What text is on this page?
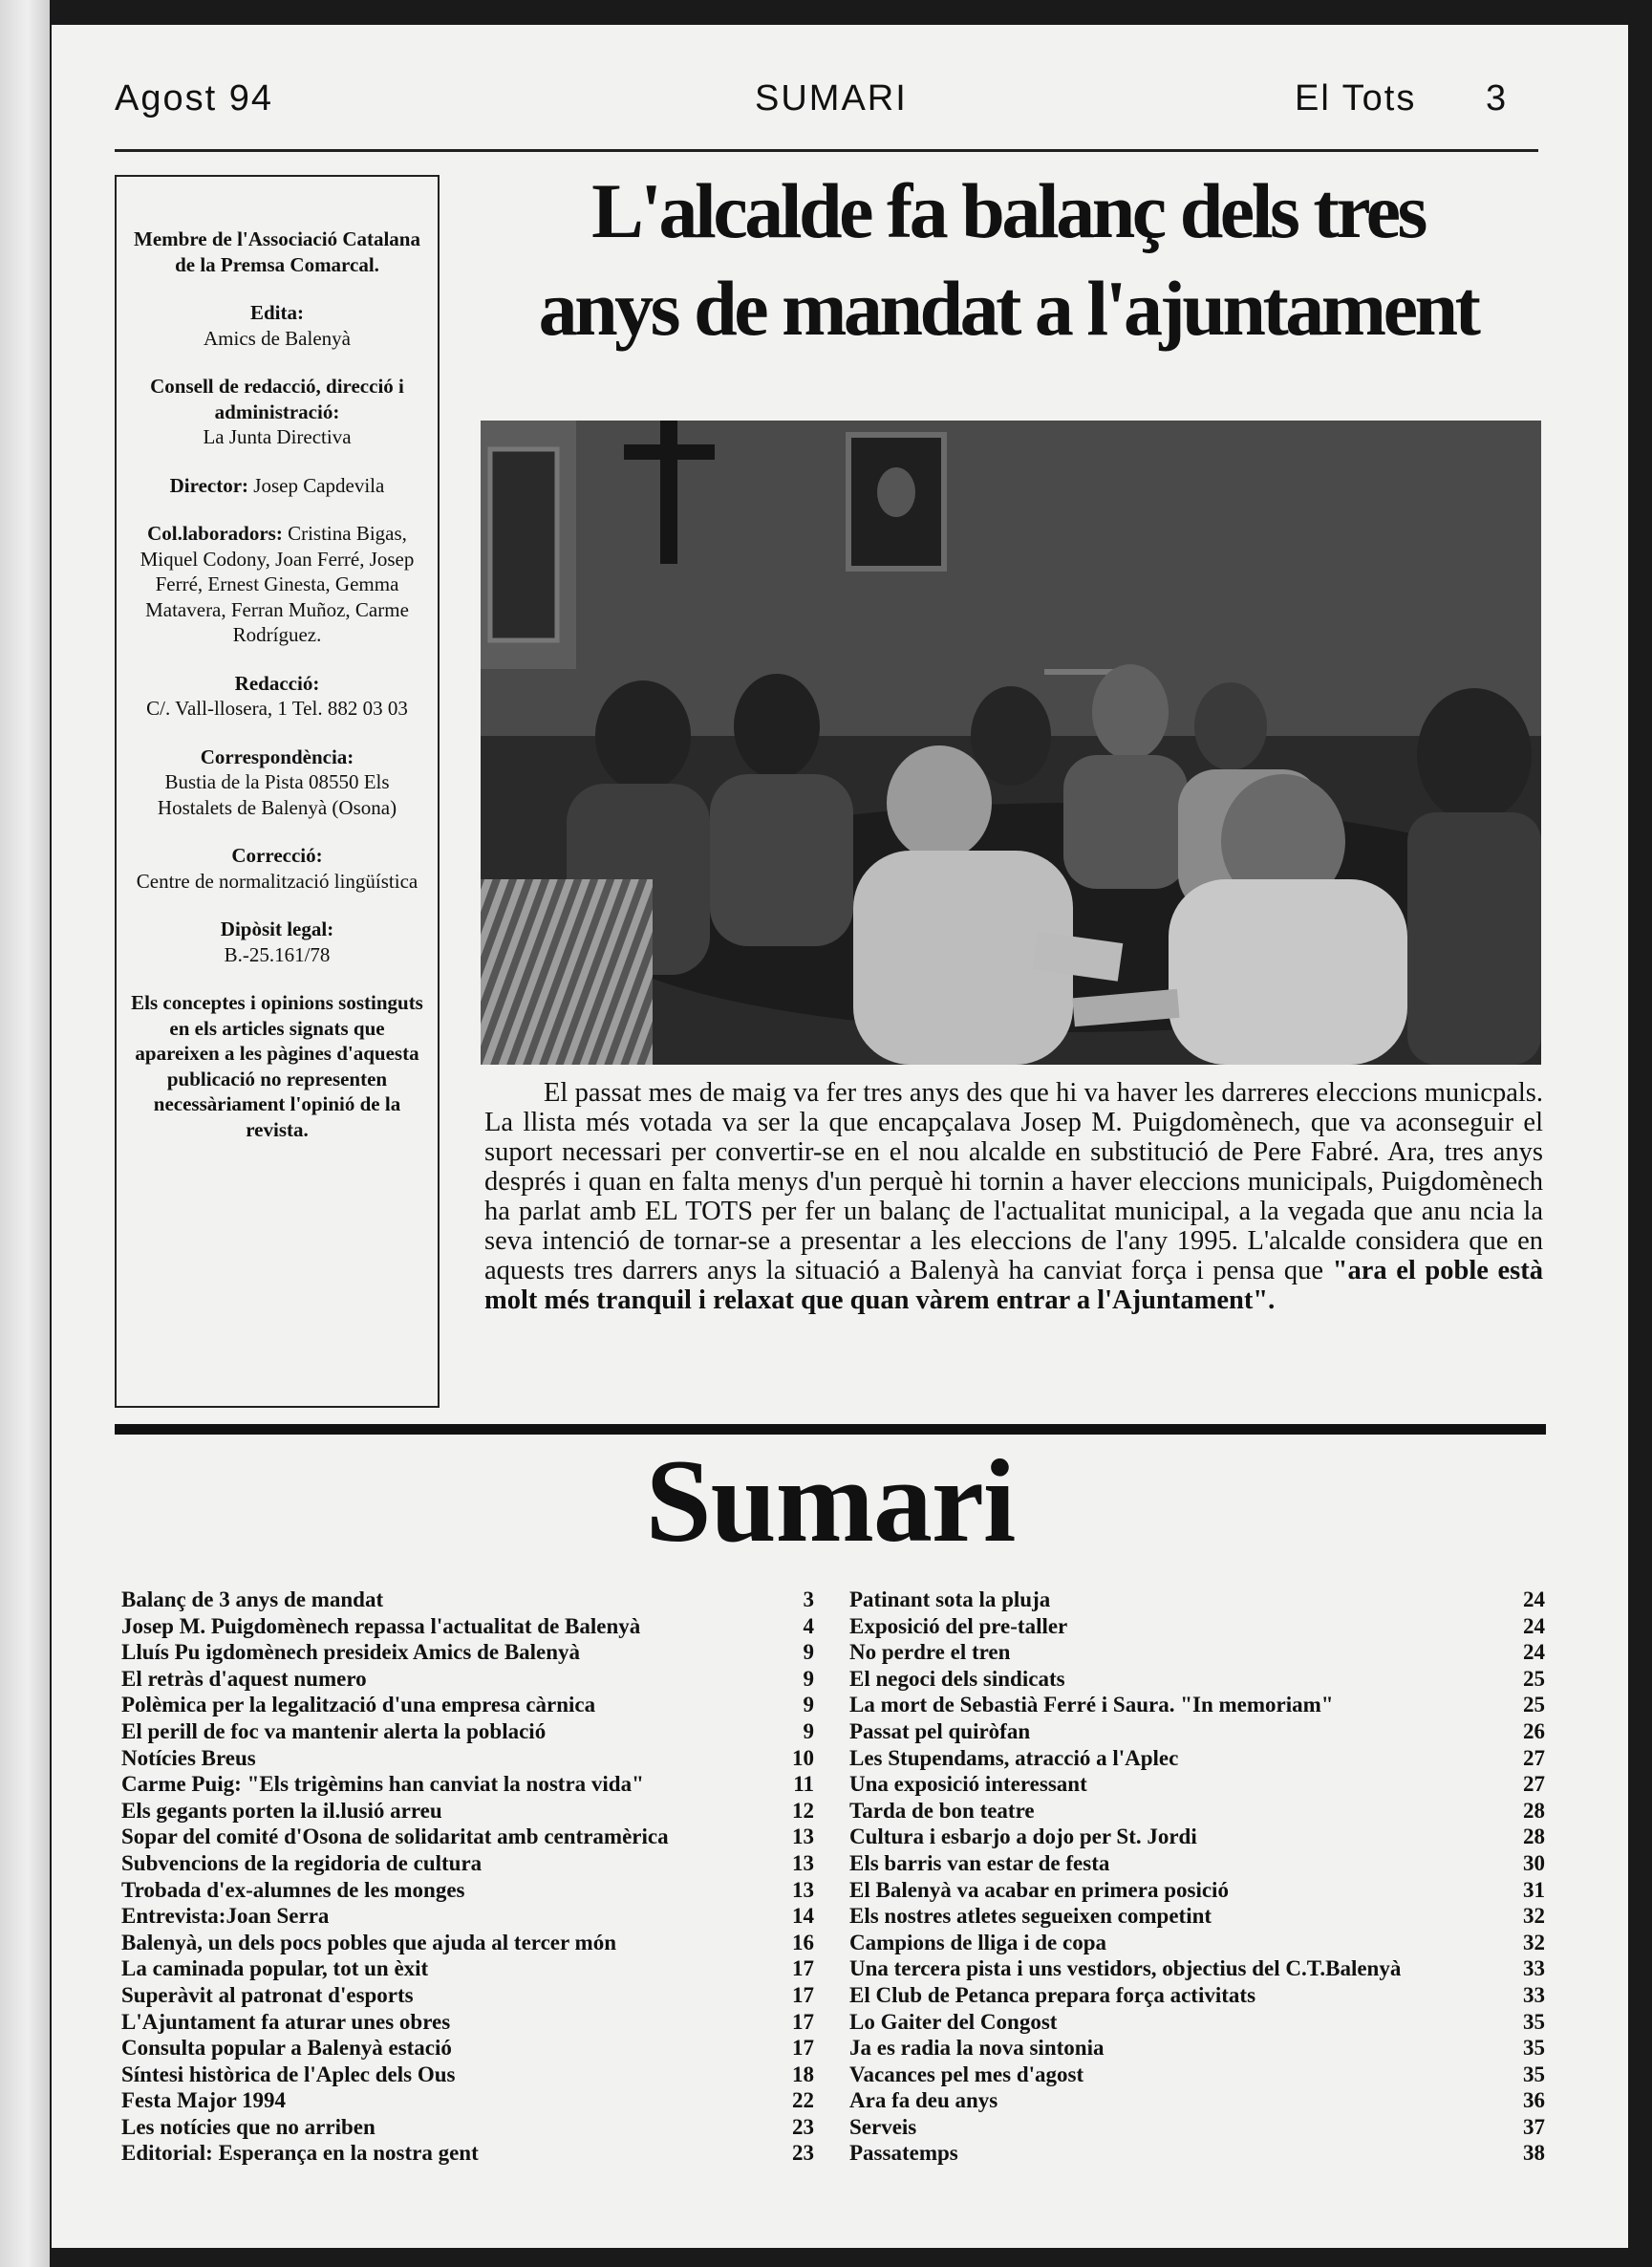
Agost 94	SUMARI	El Tots 3
Membre de l'Associació Catalana de la Premsa Comarcal.
Edita:
Amics de Balenyà
Consell de redacció, direcció i administració:
La Junta Directiva
Director: Josep Capdevila
Col.laboradors: Cristina Bigas, Miquel Codony, Joan Ferré, Josep Ferré, Ernest Ginesta, Gemma Matavera, Ferran Muñoz, Carme Rodríguez.
Redacció:
C/. Vall-llosera, 1 Tel. 882 03 03
Correspondència:
Bustia de la Pista 08550 Els Hostalets de Balenyà (Osona)
Correcció:
Centre de normalització lingüística
Dipòsit legal:
B.-25.161/78
Els conceptes i opinions sostinguts en els articles signats que apareixen a les pàgines d'aquesta publicació no representen necessàriament l'opinió de la revista.
L'alcalde fa balanç dels tres
anys de mandat a l'ajuntament
El passat mes de maig va fer tres anys des que hi va haver les darreres eleccions municpals. La llista més votada va ser la que encapçalava Josep M. Puigdomènech, que va aconseguir el suport necessari per convertir-se en el nou alcalde en substitució de Pere Fabré. Ara, tres anys després i quan en falta menys d'un perquè hi tornin a haver eleccions municipals, Puigdomènech ha parlat amb EL TOTS per fer un balanç de l'actualitat municipal, a la vegada que anu ncia la seva intenció de tornar-se a presentar a les eleccions de l'any 1995. L'alcalde considera que en aquests tres darrers anys la situació a Balenyà ha canviat força i pensa que "ara el poble està molt més tranquil i relaxat que quan vàrem entrar a l'Ajuntament".
Sumari
Balanç de 3 anys de mandat	3
Josep M. Puigdomènech repassa l'actualitat de Balenyà	4
Lluís Pu igdomènech presideix Amics de Balenyà	9
El retràs d'aquest numero	9
Polèmica per la legalització d'una empresa càrnica	9
El perill de foc va mantenir alerta la població	9
Notícies Breus	10
Carme Puig: "Els trigèmins han canviat la nostra vida"	11
Els gegants porten la il.lusió arreu	12
Sopar del comité d'Osona de solidaritat amb centramèrica	13
Subvencions de la regidoria de cultura	13
Trobada d'ex-alumnes de les monges	13
Entrevista:Joan Serra	14
Balenyà, un dels pocs pobles que ajuda al tercer món	16
La caminada popular, tot un èxit	17
Superàvit al patronat d'esports	17
L'Ajuntament fa aturar unes obres	17
Consulta popular a Balenyà estació	17
Síntesi històrica de l'Aplec dels Ous	18
Festa Major 1994	22
Les notícies que no arriben	23
Editorial: Esperança en la nostra gent	23
Patinant sota la pluja	24
Exposició del pre-taller	24
No perdre el tren	24
El negoci dels sindicats	25
La mort de Sebastià Ferré i Saura. "In memoriam"	25
Passat pel quiròfan	26
Les Stupendams, atracció a l'Aplec	27
Una exposició interessant	27
Tarda de bon teatre	28
Cultura i esbarjo a dojo per St. Jordi	28
Els barris van estar de festa	30
El Balenyà va acabar en primera posició	31
Els nostres atletes segueixen competint	32
Campions de lliga i de copa	32
Una tercera pista i uns vestidors, objectius del C.T.Balenyà	33
El Club de Petanca prepara força activitats	33
Lo Gaiter del Congost	35
Ja es radia la nova sintonia	35
Vacances pel mes d'agost	35
Ara fa deu anys	36
Serveis	37
Passatemps	38
